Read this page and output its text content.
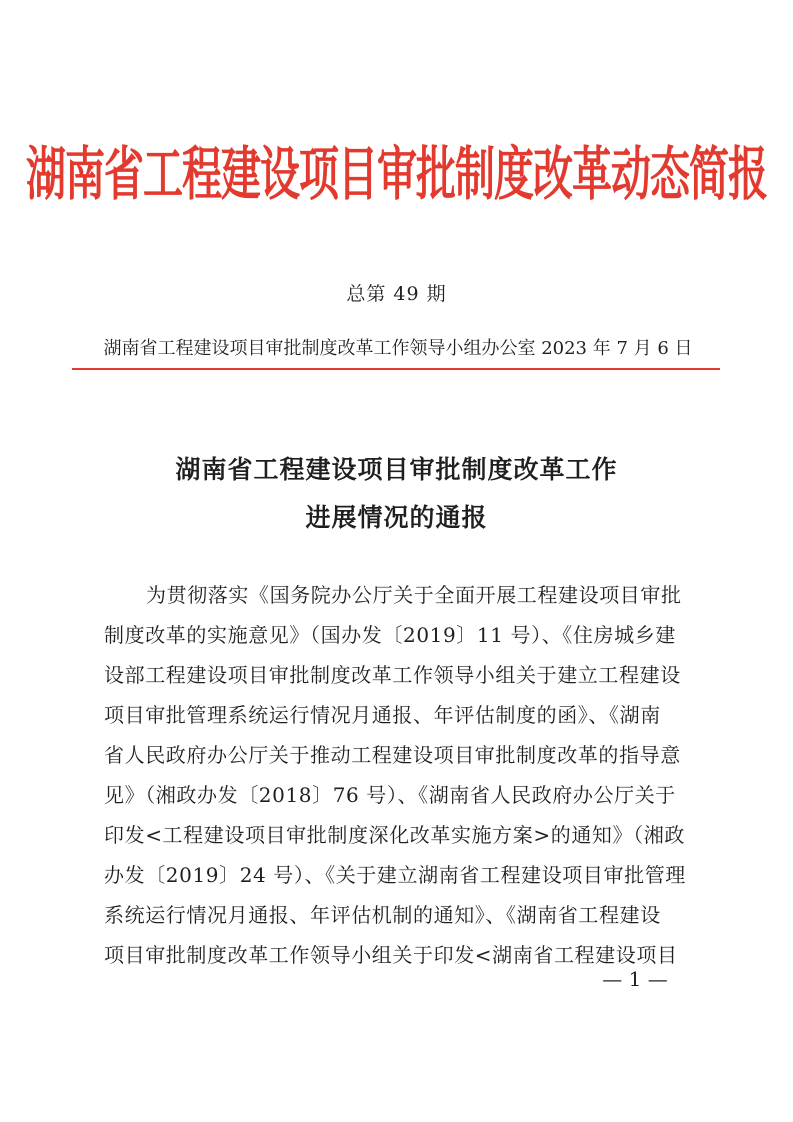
湖南省工程建设项目审批制度改革动态简报
总第 49 期
湖南省工程建设项目审批制度改革工作领导小组办公室 2023 年 7 月 6 日
湖南省工程建设项目审批制度改革工作
进展情况的通报
为贯彻落实《国务院办公厅关于全面开展工程建设项目审批
制度改革的实施意见》（国办发〔2019〕11 号）、《住房城乡建
设部工程建设项目审批制度改革工作领导小组关于建立工程建设
项目审批管理系统运行情况月通报、年评估制度的函》、《湖南
省人民政府办公厅关于推动工程建设项目审批制度改革的指导意
见》（湘政办发〔2018〕76 号）、《湖南省人民政府办公厅关于
印发<工程建设项目审批制度深化改革实施方案>的通知》（湘政
办发〔2019〕24 号）、《关于建立湖南省工程建设项目审批管理
系统运行情况月通报、年评估机制的通知》、《湖南省工程建设
项目审批制度改革工作领导小组关于印发<湖南省工程建设项目
— 1 —
